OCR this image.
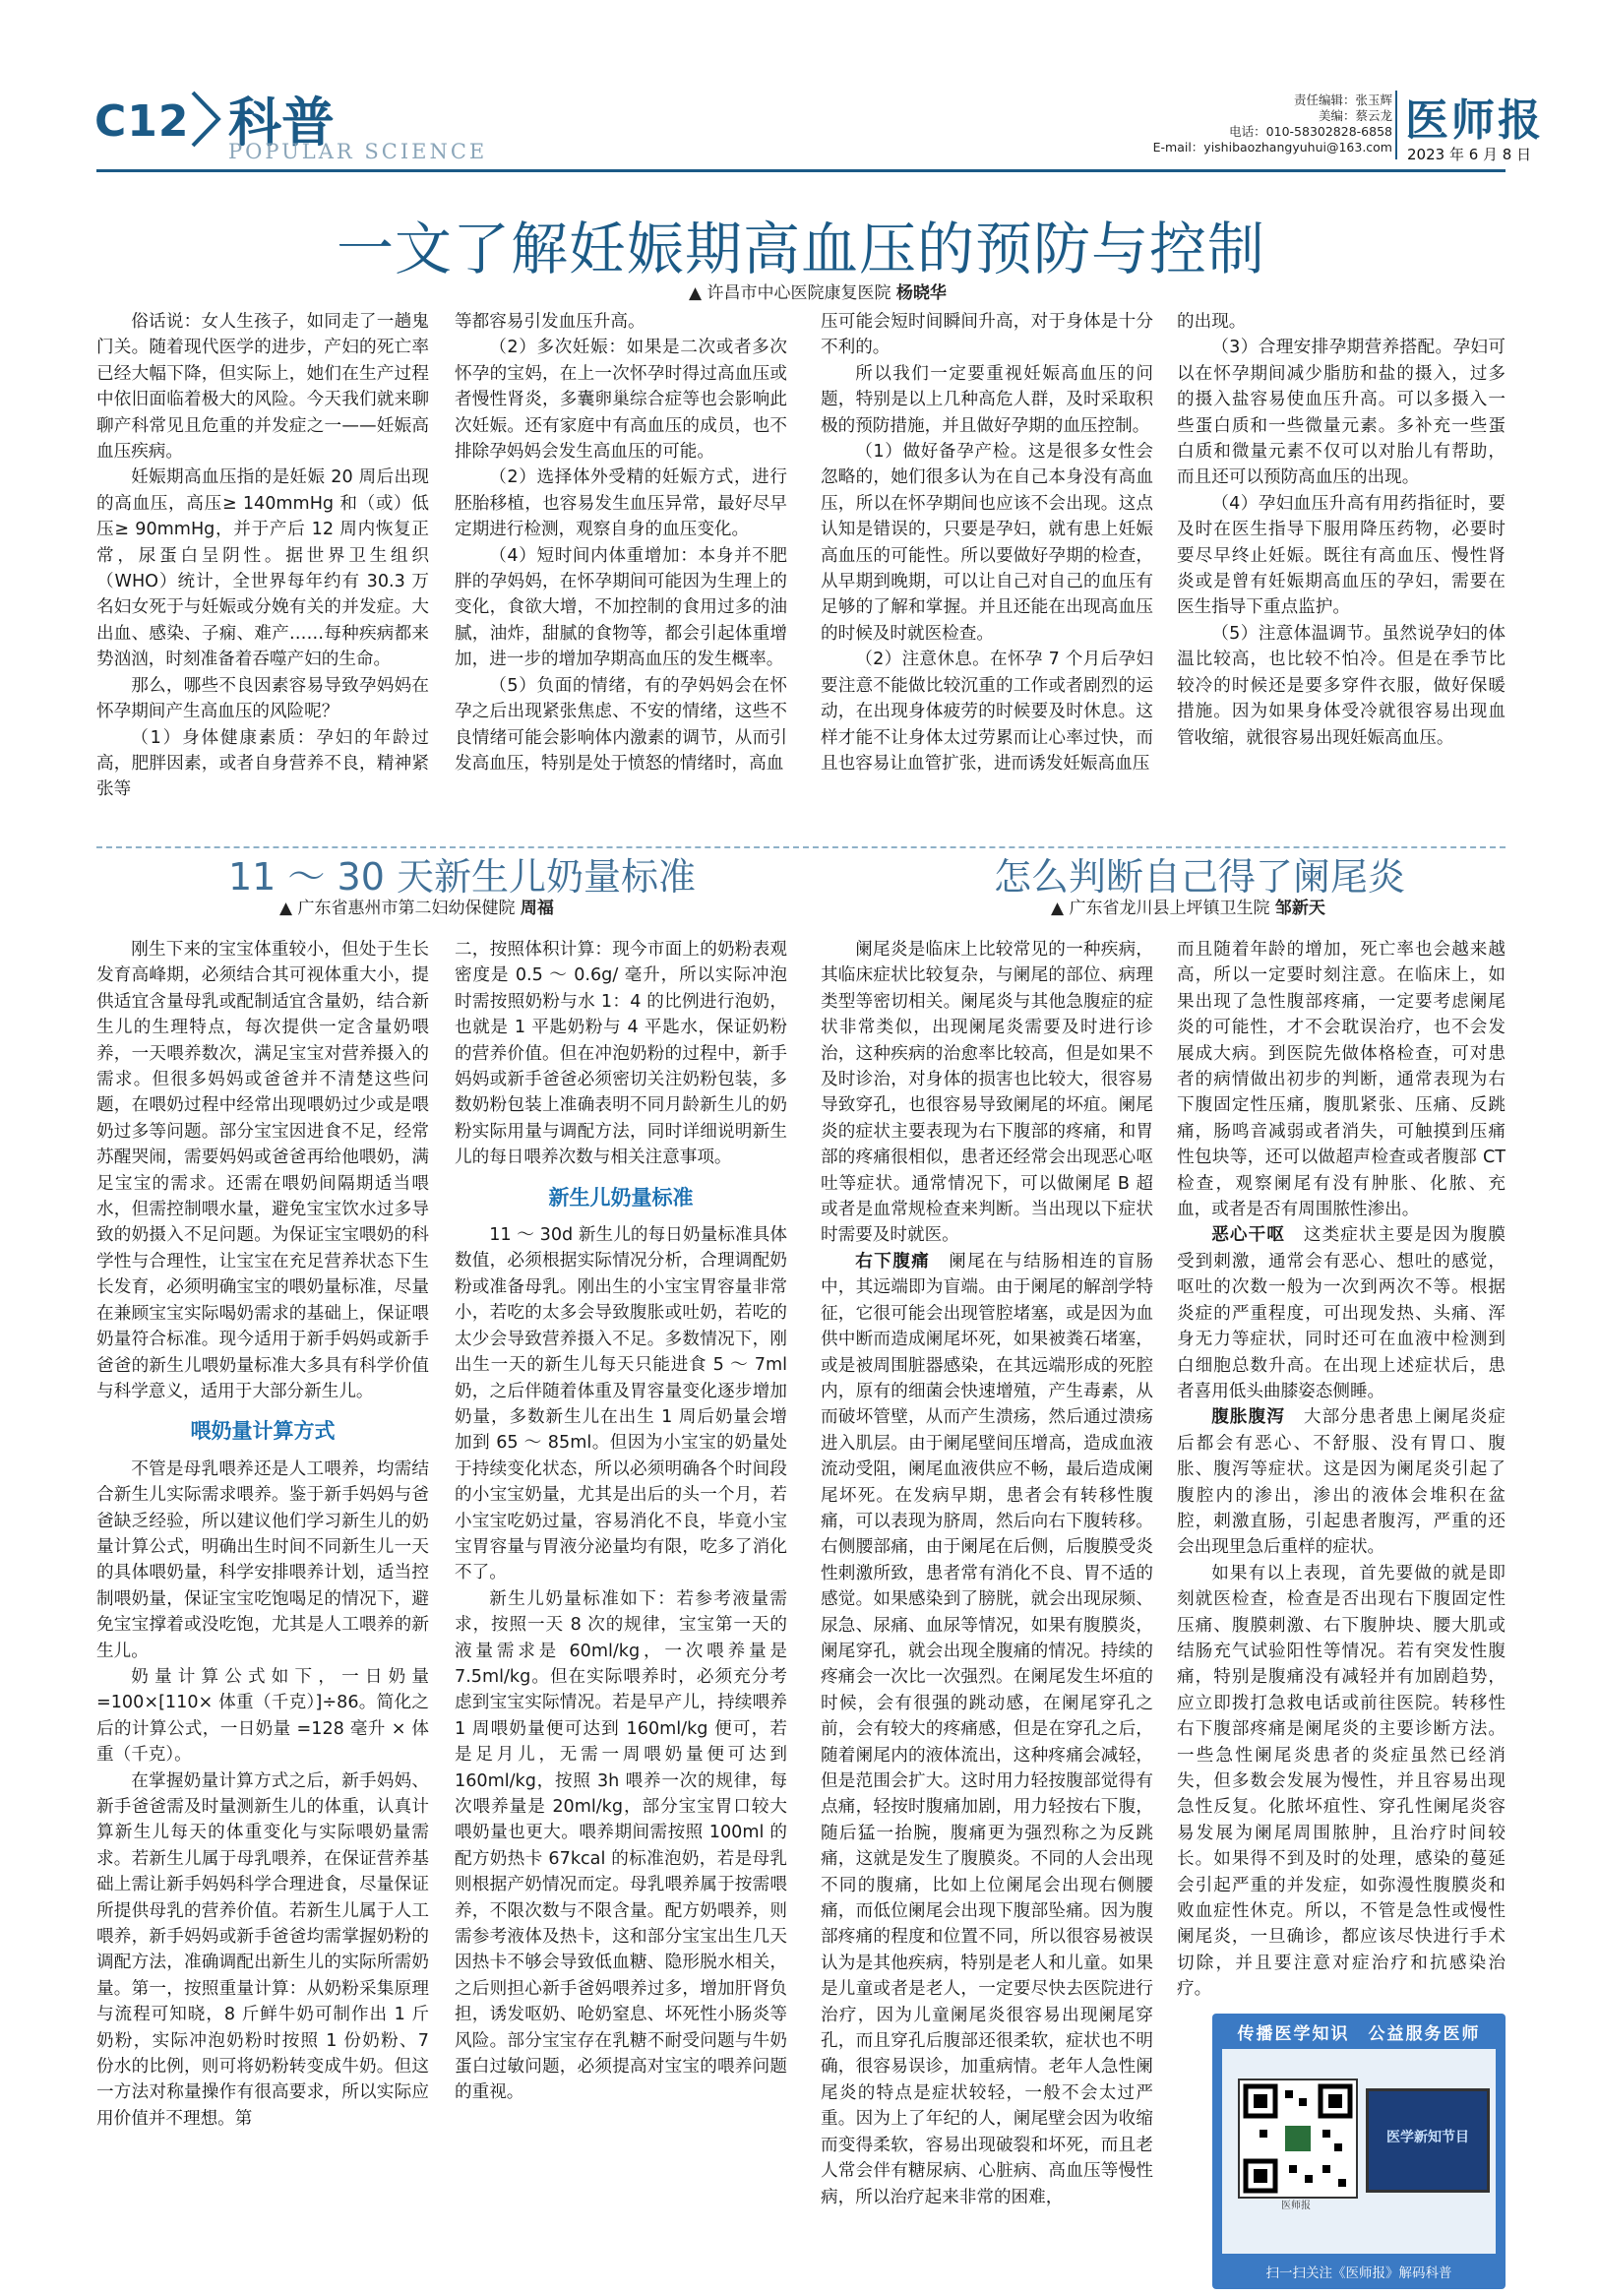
C12 科普
POPULAR SCIENCE
责任编辑：张玉辉
美编：蔡云龙
电话：010-58302828-6858
E-mail：yishibaozhangyuhui@163.com
医师报
2023 年 6 月 8 日
一文了解妊娠期高血压的预防与控制
▲ 许昌市中心医院康复医院 杨晓华

俗话说：女人生孩子，如同走了一趟鬼门关。随着现代医学的进步，产妇的死亡率已经大幅下降，但实际上，她们在生产过程中依旧面临着极大的风险。今天我们就来聊聊产科常见且危重的并发症之一——妊娠高血压疾病。

妊娠期高血压指的是妊娠 20 周后出现的高血压，高压≥ 140mmHg 和（或）低压≥ 90mmHg，并于产后 12 周内恢复正常，尿蛋白呈阴性。据世界卫生组织（WHO）统计，全世界每年约有 30.3 万名妇女死于与妊娠或分娩有关的并发症。大出血、感染、子痫、难产……每种疾病都来势汹汹，时刻准备着吞噬产妇的生命。

那么，哪些不良因素容易导致孕妈妈在怀孕期间产生高血压的风险呢？

（1）身体健康素质：孕妇的年龄过高，肥胖因素，或者自身营养不良，精神紧张等

等都容易引发血压升高。

（2）多次妊娠：如果是二次或者多次怀孕的宝妈，在上一次怀孕时得过高血压或者慢性肾炎，多囊卵巢综合症等也会影响此次妊娠。还有家庭中有高血压的成员，也不排除孕妈妈会发生高血压的可能。

（2）选择体外受精的妊娠方式，进行胚胎移植，也容易发生血压异常，最好尽早定期进行检测，观察自身的血压变化。

（4）短时间内体重增加：本身并不肥胖的孕妈妈，在怀孕期间可能因为生理上的变化，食欲大增，不加控制的食用过多的油腻，油炸，甜腻的食物等，都会引起体重增加，进一步的增加孕期高血压的发生概率。

（5）负面的情绪，有的孕妈妈会在怀孕之后出现紧张焦虑、不安的情绪，这些不良情绪可能会影响体内激素的调节，从而引发高血压，特别是处于愤怒的情绪时，高血

压可能会短时间瞬间升高，对于身体是十分不利的。

所以我们一定要重视妊娠高血压的问题，特别是以上几种高危人群，及时采取积极的预防措施，并且做好孕期的血压控制。

（1）做好备孕产检。这是很多女性会忽略的，她们很多认为在自己本身没有高血压，所以在怀孕期间也应该不会出现。这点认知是错误的，只要是孕妇，就有患上妊娠高血压的可能性。所以要做好孕期的检查，从早期到晚期，可以让自己对自己的血压有足够的了解和掌握。并且还能在出现高血压的时候及时就医检查。

（2）注意休息。在怀孕 7 个月后孕妇要注意不能做比较沉重的工作或者剧烈的运动，在出现身体疲劳的时候要及时休息。这样才能不让身体太过劳累而让心率过快，而且也容易让血管扩张，进而诱发妊娠高血压

的出现。

（3）合理安排孕期营养搭配。孕妇可以在怀孕期间减少脂肪和盐的摄入，过多的摄入盐容易使血压升高。可以多摄入一些蛋白质和一些微量元素。多补充一些蛋白质和微量元素不仅可以对胎儿有帮助，而且还可以预防高血压的出现。

（4）孕妇血压升高有用药指征时，要及时在医生指导下服用降压药物，必要时要尽早终止妊娠。既往有高血压、慢性肾炎或是曾有妊娠期高血压的孕妇，需要在医生指导下重点监护。

（5）注意体温调节。虽然说孕妇的体温比较高，也比较不怕冷。但是在季节比较冷的时候还是要多穿件衣服，做好保暖措施。因为如果身体受冷就很容易出现血管收缩，就很容易出现妊娠高血压。

11 ～ 30 天新生儿奶量标准
▲ 广东省惠州市第二妇幼保健院 周福

刚生下来的宝宝体重较小，但处于生长发育高峰期，必须结合其可视体重大小，提供适宜含量母乳或配制适宜含量奶，结合新生儿的生理特点，每次提供一定含量奶喂养，一天喂养数次，满足宝宝对营养摄入的需求。但很多妈妈或爸爸并不清楚这些问题，在喂奶过程中经常出现喂奶过少或是喂奶过多等问题。部分宝宝因进食不足，经常苏醒哭闹，需要妈妈或爸爸再给他喂奶，满足宝宝的需求。还需在喂奶间隔期适当喂水，但需控制喂水量，避免宝宝饮水过多导致的奶摄入不足问题。为保证宝宝喂奶的科学性与合理性，让宝宝在充足营养状态下生长发育，必须明确宝宝的喂奶量标准，尽量在兼顾宝宝实际喝奶需求的基础上，保证喂奶量符合标准。现今适用于新手妈妈或新手爸爸的新生儿喂奶量标准大多具有科学价值与科学意义，适用于大部分新生儿。

喂奶量计算方式

不管是母乳喂养还是人工喂养，均需结合新生儿实际需求喂养。鉴于新手妈妈与爸爸缺乏经验，所以建议他们学习新生儿的奶量计算公式，明确出生时间不同新生儿一天的具体喂奶量，科学安排喂养计划，适当控制喂奶量，保证宝宝吃饱喝足的情况下，避免宝宝撑着或没吃饱，尤其是人工喂养的新生儿。

奶量计算公式如下，一日奶量=100×[110× 体重（千克）]÷86。简化之后的计算公式，一日奶量 =128 毫升 × 体重（千克）。

在掌握奶量计算方式之后，新手妈妈、新手爸爸需及时量测新生儿的体重，认真计算新生儿每天的体重变化与实际喂奶量需求。若新生儿属于母乳喂养，在保证营养基础上需让新手妈妈科学合理进食，尽量保证所提供母乳的营养价值。若新生儿属于人工喂养，新手妈妈或新手爸爸均需掌握奶粉的调配方法，准确调配出新生儿的实际所需奶量。第一，按照重量计算：从奶粉采集原理与流程可知晓，8 斤鲜牛奶可制作出 1 斤奶粉，实际冲泡奶粉时按照 1 份奶粉、7 份水的比例，则可将奶粉转变成牛奶。但这一方法对称量操作有很高要求，所以实际应用价值并不理想。第

二，按照体积计算：现今市面上的奶粉表观密度是 0.5 ～ 0.6g/ 毫升，所以实际冲泡时需按照奶粉与水 1：4 的比例进行泡奶，也就是 1 平匙奶粉与 4 平匙水，保证奶粉的营养价值。但在冲泡奶粉的过程中，新手妈妈或新手爸爸必须密切关注奶粉包装，多数奶粉包装上准确表明不同月龄新生儿的奶粉实际用量与调配方法，同时详细说明新生儿的每日喂养次数与相关注意事项。

新生儿奶量标准

11 ～ 30d 新生儿的每日奶量标准具体数值，必须根据实际情况分析，合理调配奶粉或准备母乳。刚出生的小宝宝胃容量非常小，若吃的太多会导致腹胀或吐奶，若吃的太少会导致营养摄入不足。多数情况下，刚出生一天的新生儿每天只能进食 5 ～ 7ml 奶，之后伴随着体重及胃容量变化逐步增加奶量，多数新生儿在出生 1 周后奶量会增加到 65 ～ 85ml。但因为小宝宝的奶量处于持续变化状态，所以必须明确各个时间段的小宝宝奶量，尤其是出后的头一个月，若小宝宝吃奶过量，容易消化不良，毕竟小宝宝胃容量与胃液分泌量均有限，吃多了消化不了。

新生儿奶量标准如下：若参考液量需求，按照一天 8 次的规律，宝宝第一天的液量需求是 60ml/kg，一次喂养量是 7.5ml/kg。但在实际喂养时，必须充分考虑到宝宝实际情况。若是早产儿，持续喂养 1 周喂奶量便可达到 160ml/kg 便可，若是足月儿，无需一周喂奶量便可达到 160ml/kg，按照 3h 喂养一次的规律，每次喂养量是 20ml/kg，部分宝宝胃口较大喂奶量也更大。喂养期间需按照 100ml 的配方奶热卡 67kcal 的标准泡奶，若是母乳则根据产奶情况而定。母乳喂养属于按需喂养，不限次数与不限含量。配方奶喂养，则需参考液体及热卡，这和部分宝宝出生几天因热卡不够会导致低血糖、隐形脱水相关，之后则担心新手爸妈喂养过多，增加肝肾负担，诱发呕奶、呛奶窒息、坏死性小肠炎等风险。部分宝宝存在乳糖不耐受问题与牛奶蛋白过敏问题，必须提高对宝宝的喂养问题的重视。

怎么判断自己得了阑尾炎
▲ 广东省龙川县上坪镇卫生院 邹新天

阑尾炎是临床上比较常见的一种疾病，其临床症状比较复杂，与阑尾的部位、病理类型等密切相关。阑尾炎与其他急腹症的症状非常类似，出现阑尾炎需要及时进行诊治，这种疾病的治愈率比较高，但是如果不及时诊治，对身体的损害也比较大，很容易导致穿孔，也很容易导致阑尾的坏疽。阑尾炎的症状主要表现为右下腹部的疼痛，和胃部的疼痛很相似，患者还经常会出现恶心呕吐等症状。通常情况下，可以做阑尾 B 超或者是血常规检查来判断。当出现以下症状时需要及时就医。

右下腹痛　 阑尾在与结肠相连的盲肠中，其远端即为盲端。由于阑尾的解剖学特征，它很可能会出现管腔堵塞，或是因为血供中断而造成阑尾坏死，如果被粪石堵塞，或是被周围脏器感染，在其远端形成的死腔内，原有的细菌会快速增殖，产生毒素，从而破坏管壁，从而产生溃疡，然后通过溃疡进入肌层。由于阑尾壁间压增高，造成血液流动受阻，阑尾血液供应不畅，最后造成阑尾坏死。在发病早期，患者会有转移性腹痛，可以表现为脐周，然后向右下腹转移。右侧腰部痛，由于阑尾在后侧，后腹膜受炎性刺激所致，患者常有消化不良、胃不适的感觉。如果感染到了膀胱，就会出现尿频、尿急、尿痛、血尿等情况，如果有腹膜炎，阑尾穿孔，就会出现全腹痛的情况。持续的疼痛会一次比一次强烈。在阑尾发生坏疽的时候，会有很强的跳动感，在阑尾穿孔之前，会有较大的疼痛感，但是在穿孔之后，随着阑尾内的液体流出，这种疼痛会减轻，但是范围会扩大。这时用力轻按腹部觉得有点痛，轻按时腹痛加剧，用力轻按右下腹，随后猛一抬腕，腹痛更为强烈称之为反跳痛，这就是发生了腹膜炎。不同的人会出现不同的腹痛，比如上位阑尾会出现右侧腰痛，而低位阑尾会出现下腹部坠痛。因为腹部疼痛的程度和位置不同，所以很容易被误认为是其他疾病，特别是老人和儿童。如果是儿童或者是老人，一定要尽快去医院进行治疗，因为儿童阑尾炎很容易出现阑尾穿孔，而且穿孔后腹部还很柔软，症状也不明确，很容易误诊，加重病情。老年人急性阑尾炎的特点是症状较轻，一般不会太过严重。因为上了年纪的人，阑尾壁会因为收缩而变得柔软，容易出现破裂和坏死，而且老人常会伴有糖尿病、心脏病、高血压等慢性病，所以治疗起来非常的困难，

而且随着年龄的增加，死亡率也会越来越高，所以一定要时刻注意。在临床上，如果出现了急性腹部疼痛，一定要考虑阑尾炎的可能性，才不会耽误治疗，也不会发展成大病。到医院先做体格检查，可对患者的病情做出初步的判断，通常表现为右下腹固定性压痛，腹肌紧张、压痛、反跳痛，肠鸣音减弱或者消失，可触摸到压痛性包块等，还可以做超声检查或者腹部 CT 检查，观察阑尾有没有肿胀、化脓、充血，或者是否有周围脓性渗出。

恶心干呕　 这类症状主要是因为腹膜受到刺激，通常会有恶心、想吐的感觉，呕吐的次数一般为一次到两次不等。根据炎症的严重程度，可出现发热、头痛、浑身无力等症状，同时还可在血液中检测到白细胞总数升高。在出现上述症状后，患者喜用低头曲膝姿态侧睡。

腹胀腹泻　 大部分患者患上阑尾炎症后都会有恶心、不舒服、没有胃口、腹胀、腹泻等症状。这是因为阑尾炎引起了腹腔内的渗出，渗出的液体会堆积在盆腔，刺激直肠，引起患者腹泻，严重的还会出现里急后重样的症状。

如果有以上表现，首先要做的就是即刻就医检查，检查是否出现右下腹固定性压痛、腹膜刺激、右下腹肿块、腰大肌或结肠充气试验阳性等情况。若有突发性腹痛，特别是腹痛没有减轻并有加剧趋势，应立即拨打急救电话或前往医院。转移性右下腹部疼痛是阑尾炎的主要诊断方法。一些急性阑尾炎患者的炎症虽然已经消失，但多数会发展为慢性，并且容易出现急性反复。化脓坏疽性、穿孔性阑尾炎容易发展为阑尾周围脓肿，且治疗时间较长。如果得不到及时的处理，感染的蔓延会引起严重的并发症，如弥漫性腹膜炎和败血症性休克。所以，不管是急性或慢性阑尾炎，一旦确诊，都应该尽快进行手术切除，并且要注意对症治疗和抗感染治疗。

传播医学知识　公益服务医师
医师报
医学新知节目
扫一扫关注《医师报》解码科普
